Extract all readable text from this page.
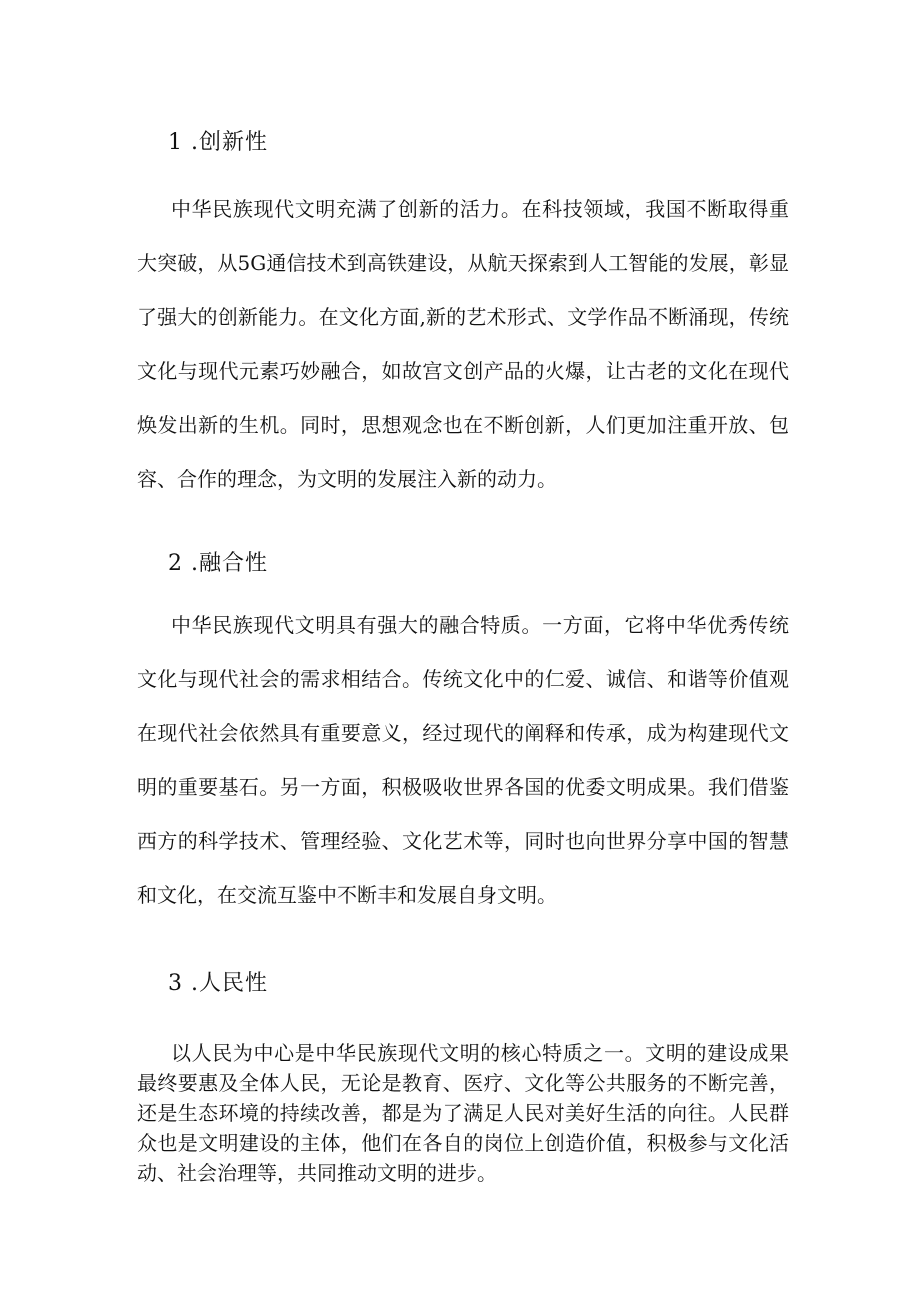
1 .创新性

中华民族现代文明充满了创新的活力。在科技领域，我国不断取得重大突破，从5G通信技术到高铁建设，从航天探索到人工智能的发展，彰显了强大的创新能力。在文化方面,新的艺术形式、文学作品不断涌现，传统文化与现代元素巧妙融合，如故宫文创产品的火爆，让古老的文化在现代焕发出新的生机。同时，思想观念也在不断创新，人们更加注重开放、包容、合作的理念，为文明的发展注入新的动力。

2 .融合性

中华民族现代文明具有强大的融合特质。一方面，它将中华优秀传统文化与现代社会的需求相结合。传统文化中的仁爱、诚信、和谐等价值观在现代社会依然具有重要意义，经过现代的阐释和传承，成为构建现代文明的重要基石。另一方面，积极吸收世界各国的优委文明成果。我们借鉴西方的科学技术、管理经验、文化艺术等，同时也向世界分享中国的智慧和文化，在交流互鉴中不断丰和发展自身文明。

3 .人民性

以人民为中心是中华民族现代文明的核心特质之一。文明的建设成果最终要惠及全体人民，无论是教育、医疗、文化等公共服务的不断完善，还是生态环境的持续改善，都是为了满足人民对美好生活的向往。人民群众也是文明建设的主体，他们在各自的岗位上创造价值，积极参与文化活动、社会治理等，共同推动文明的进步。
